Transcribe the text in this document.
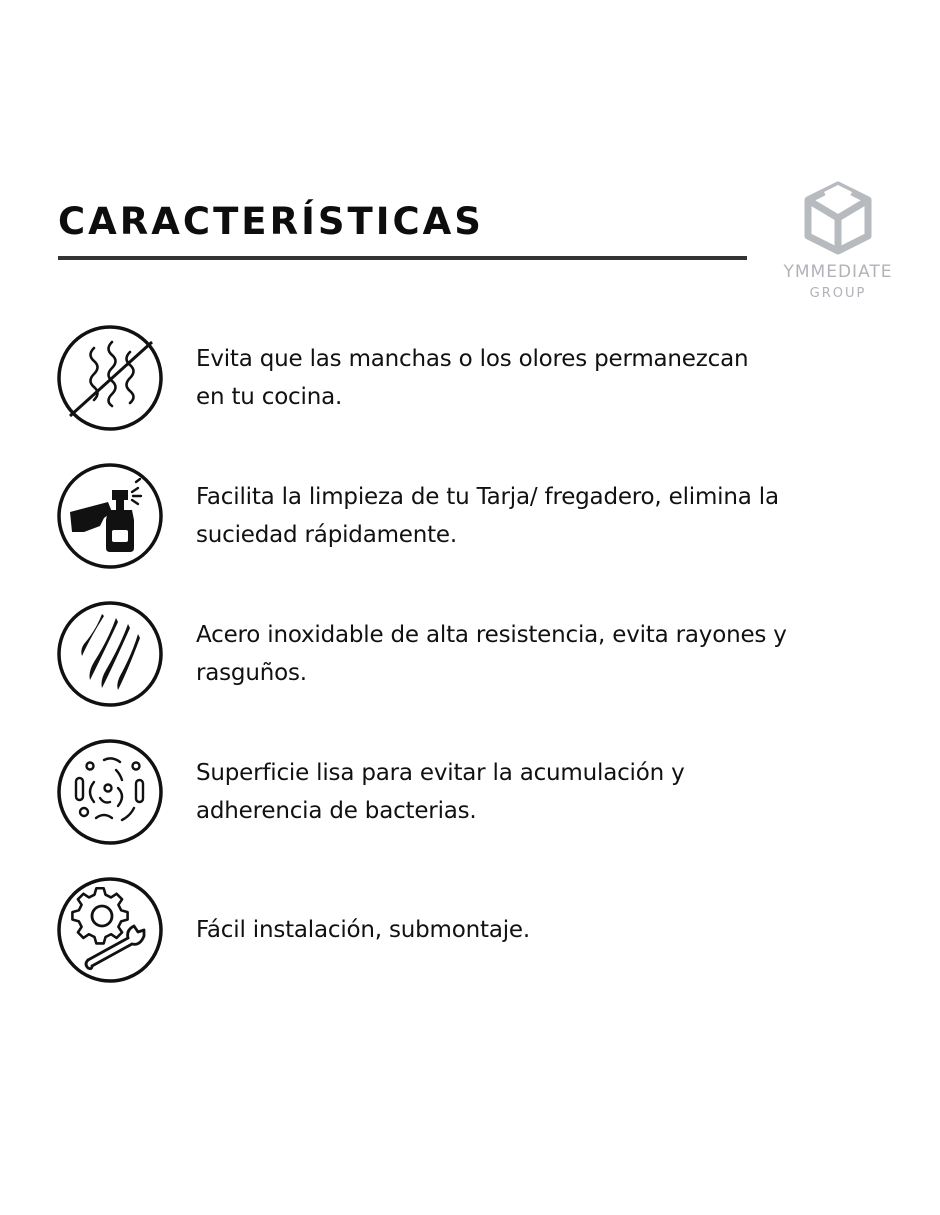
CARACTERÍSTICAS
YMMEDIATE
GROUP
Evita que las manchas o los olores permanezcan
en tu cocina.
Facilita la limpieza de tu Tarja/ fregadero, elimina la
suciedad rápidamente.
Acero inoxidable de alta resistencia, evita rayones y
rasguños.
Superficie lisa para evitar la acumulación y
adherencia de bacterias.
Fácil instalación, submontaje.
